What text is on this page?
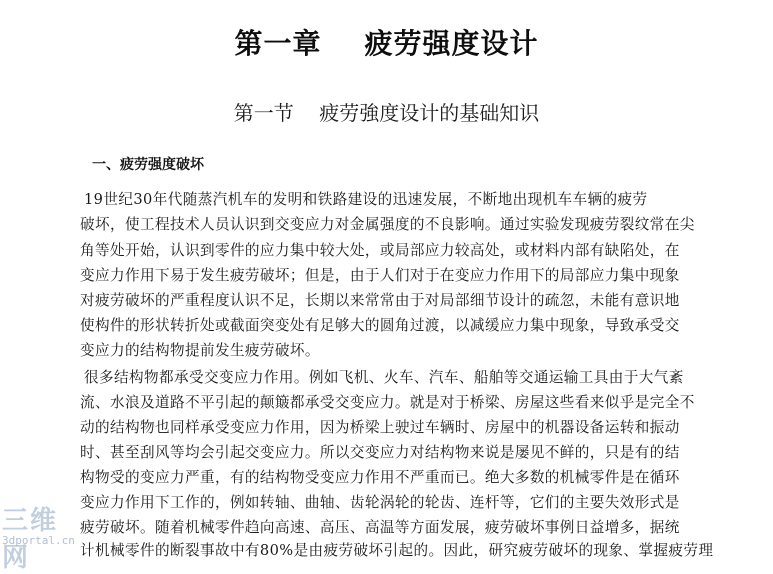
第一章    疲劳强度设计
第一节    疲劳強度设计的基础知识
一、疲劳强度破坏
19世纪30年代随蒸汽机车的发明和铁路建设的迅速发展，不断地出现机车车辆的疲劳
破坏，使工程技术人员认识到交变应力对金属强度的不良影响。通过实验发现疲劳裂纹常在尖
角等处开始，认识到零件的应力集中较大处，或局部应力较高处，或材料内部有缺陷处，在
变应力作用下易于发生疲劳破坏；但是，由于人们对于在变应力作用下的局部应力集中现象
对疲劳破坏的严重程度认识不足，长期以来常常由于对局部细节设计的疏忽，未能有意识地
使构件的形状转折处或截面突变处有足够大的圆角过渡，以减缓应力集中现象，导致承受交
变应力的结构物提前发生疲劳破坏。
很多结构物都承受交变应力作用。例如飞机、火车、汽车、船舶等交通运输工具由于大气紊
流、水浪及道路不平引起的颠簸都承受交变应力。就是对于桥梁、房屋这些看来似乎是完全不
动的结构物也同样承受变应力作用，因为桥梁上驶过车辆时、房屋中的机器设备运转和振动
时、甚至刮风等均会引起交变应力。所以交变应力对结构物来说是屡见不鲜的，只是有的结
构物受的变应力严重，有的结构物受变应力作用不严重而已。绝大多数的机械零件是在循环
变应力作用下工作的，例如转轴、曲轴、齿轮涡轮的轮齿、连杆等，它们的主要失效形式是
疲劳破坏。随着机械零件趋向高速、高压、高温等方面发展，疲劳破坏事例日益增多，据统
计机械零件的断裂事故中有80%是由疲劳破坏引起的。因此，研究疲劳破坏的现象、掌握疲劳理
三维网
3dportal.cn
